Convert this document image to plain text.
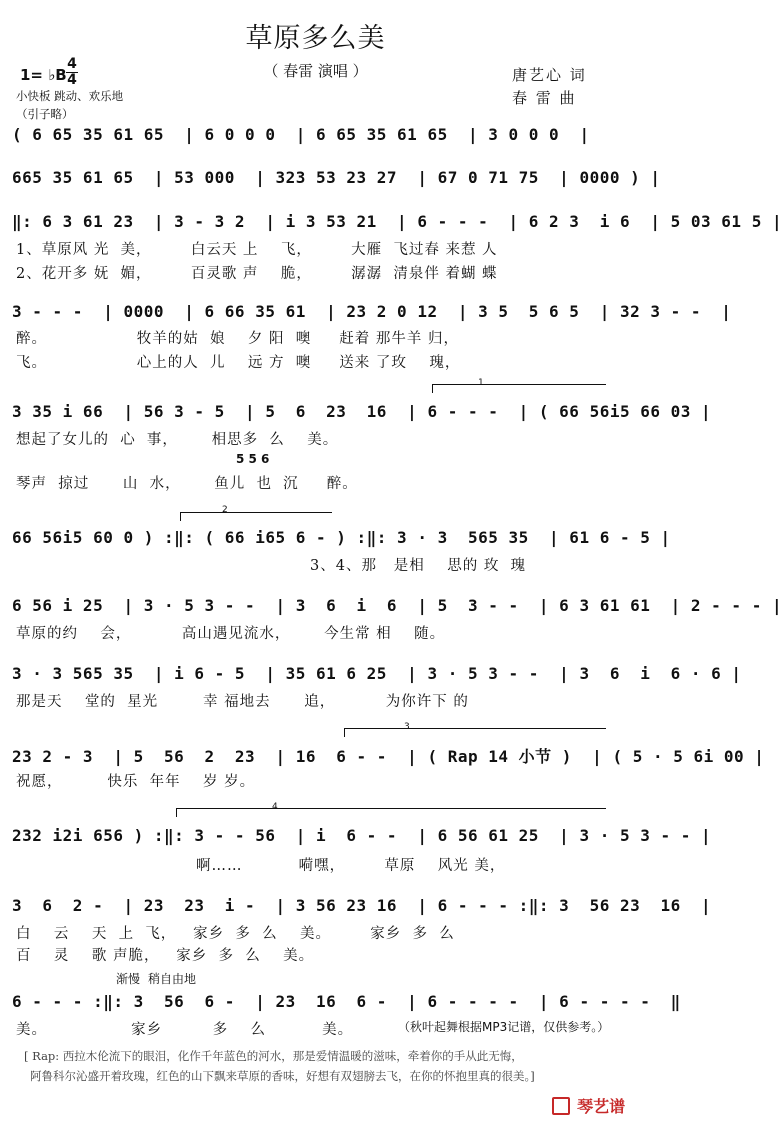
草原多么美
（ 春雷 演唱 ）
1= ♭B
4
4
小快板 跳动、欢乐地
（引子略）
唐艺心 词
春 雷 曲
( 6 65 35 61 65  | 6 0 0 0  | 6 65 35 61 65  | 3 0 0 0  |
665 35 61 65  | 53 000  | 323 53 23 27  | 67 0 71 75  | 0000 ) |
‖: 6 3 61 23  | 3 - 3 2  | i 3 53 21  | 6 - - -  | 6 2 3  i 6  | 5 03 61 5 |
1、草原风 光  美，       白云天 上    飞，       大雁  飞过春 来惹 人
2、花开多 妩  媚，       百灵歌 声    脆，       潺潺  清泉伴 着蝴 蝶
3 - - -  | 0000  | 6 66 35 61  | 23 2 0 12  | 3 5  5 6 5  | 32 3 - -  |
醉。                牧羊的姑  娘    夕 阳  噢     赶着 那牛羊 归，
飞。                心上的人  儿    远 方  噢     送来 了玫    瑰，
1
3 35 i 66  | 56 3 - 5  | 5  6  23  16  | 6 - - -  | ( 66 56i5 66 03 |
想起了女儿的  心  事，      相思多  么    美。
5 5 6
琴声  掠过      山  水，      鱼儿  也  沉     醉。
2
66 56i5 60 0 ) :‖: ( 66 i65 6 - ) :‖: 3 · 3  565 35  | 61 6 - 5 |
3、4、那   是相    思的 玫  瑰
6 56 i 25  | 3 · 5 3 - -  | 3  6  i  6  | 5  3 - -  | 6 3 61 61  | 2 - - - |
草原的约    会，         高山遇见流水，      今生常 相    随。
3 · 3 565 35  | i 6 - 5  | 35 61 6 25  | 3 · 5 3 - -  | 3  6  i  6 · 6 |
那是天    堂的  星光        幸 福地去      追，         为你许下 的
3
23 2 - 3  | 5  56  2  23  | 16  6 - -  | ( Rap 14 小节 )  | ( 5 · 5 6i 00 |
祝愿，        快乐  年年    岁 岁。
4
232 i2i 656 ) :‖: 3 - - 56  | i  6 - -  | 6 56 61 25  | 3 · 5 3 - - |
啊……          嗬嘿，       草原    风光 美，
3  6  2 -  | 23  23  i -  | 3 56 23 16  | 6 - - - :‖: 3  56 23  16  |
白    云    天  上  飞，   家乡  多  么    美。       家乡  多  么
百    灵    歌 声脆，   家乡  多  么    美。
渐慢 稍自由地
6 - - - :‖: 3  56  6 -  | 23  16  6 -  | 6 - - - -  | 6 - - - -  ‖
美。               家乡         多    么          美。	（秋叶起舞根据MP3记谱，仅供参考。）
[ Rap: 西拉木伦流下的眼泪，化作千年蓝色的河水，那是爱情温暖的滋味，牵着你的手从此无悔，
阿鲁科尔沁盛开着玫瑰，红色的山下飘来草原的香味，好想有双翅膀去飞，在你的怀抱里真的很美。]
琴艺谱
